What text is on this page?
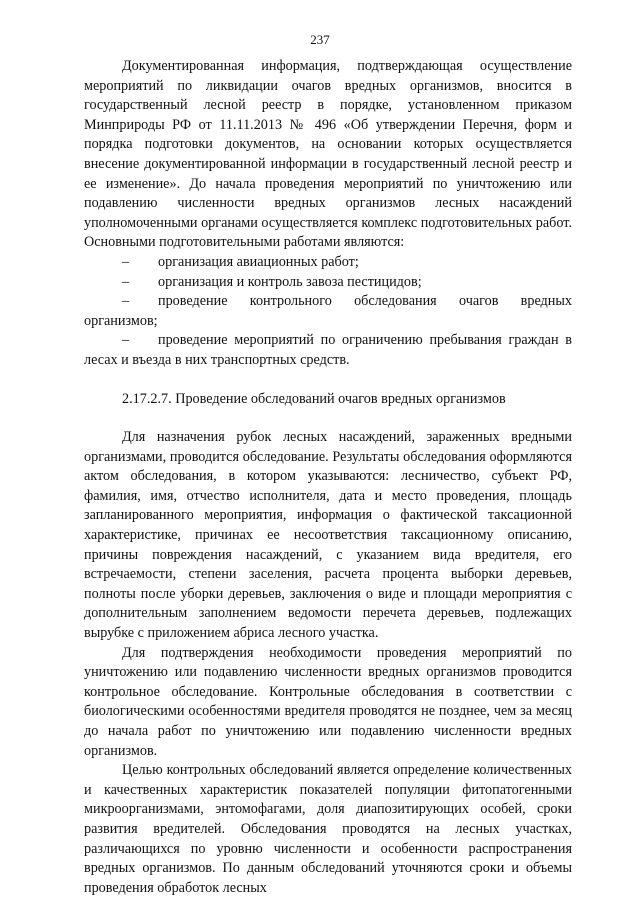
237

Документированная информация, подтверждающая осуществление мероприятий по ликвидации очагов вредных организмов, вносится в государственный лесной реестр в порядке, установленном приказом Минприроды РФ от 11.11.2013 № 496 «Об утверждении Перечня, форм и порядка подготовки документов, на основании которых осуществляется внесение документированной информации в государственный лесной реестр и ее изменение». До начала проведения мероприятий по уничтожению или подавлению численности вредных организмов лесных насаждений уполномоченными органами осуществляется комплекс подготовительных работ. Основными подготовительными работами являются:

–	организация авиационных работ;
–	организация и контроль завоза пестицидов;

– проведение контрольного обследования очагов вредных организмов;

– проведение мероприятий по ограничению пребывания граждан в лесах и въезда в них транспортных средств.

2.17.2.7. Проведение обследований очагов вредных организмов

Для назначения рубок лесных насаждений, зараженных вредными организмами, проводится обследование. Результаты обследования оформляются актом обследования, в котором указываются: лесничество, субъект РФ, фамилия, имя, отчество исполнителя, дата и место проведения, площадь запланированного мероприятия, информация о фактической таксационной характеристике, причинах ее несоответствия таксационному описанию, причины повреждения насаждений, с указанием вида вредителя, его встречаемости, степени заселения, расчета процента выборки деревьев, полноты после уборки деревьев, заключения о виде и площади мероприятия с дополнительным заполнением ведомости перечета деревьев, подлежащих вырубке с приложением абриса лесного участка.

Для подтверждения необходимости проведения мероприятий по уничтожению или подавлению численности вредных организмов проводится контрольное обследование. Контрольные обследования в соответствии с биологическими особенностями вредителя проводятся не позднее, чем за месяц до начала работ по уничтожению или подавлению численности вредных организмов.

Целью контрольных обследований является определение количественных и качественных характеристик показателей популяции фитопатогенными микроорганизмами, энтомофагами, доля диапозитирующих особей, сроки развития вредителей. Обследования проводятся на лесных участках, различающихся по уровню численности и особенности распространения вредных организмов. По данным обследований уточняются сроки и объемы проведения обработок лесных
